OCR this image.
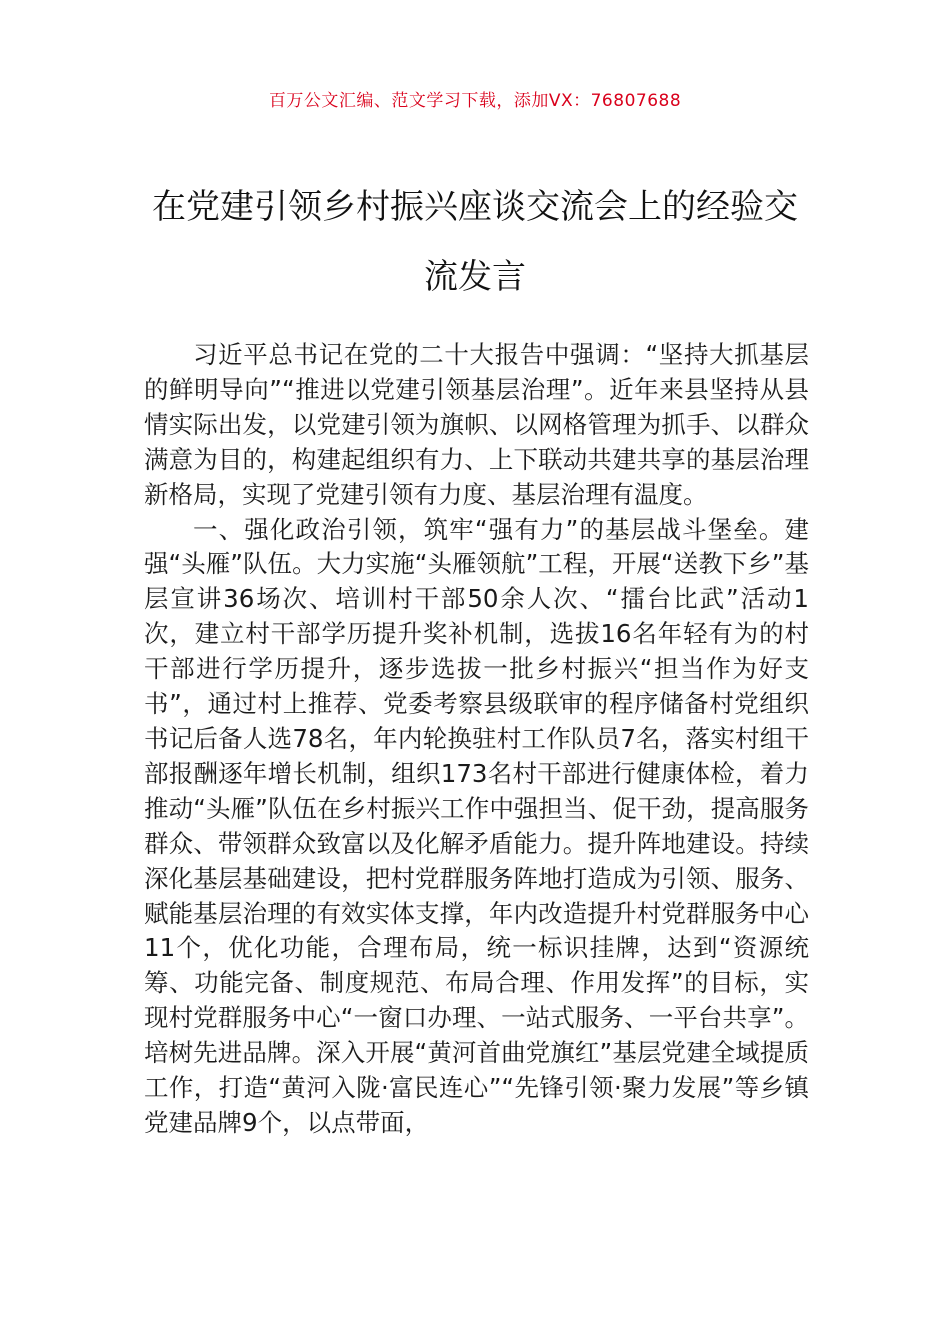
百万公文汇编、范文学习下载，添加VX：76807688
在党建引领乡村振兴座谈交流会上的经验交流发言

习近平总书记在党的二十大报告中强调：“坚持大抓基层的鲜明导向”“推进以党建引领基层治理”。近年来县坚持从县情实际出发，以党建引领为旗帜、以网格管理为抓手、以群众满意为目的，构建起组织有力、上下联动共建共享的基层治理新格局，实现了党建引领有力度、基层治理有温度。

一、强化政治引领，筑牢“强有力”的基层战斗堡垒。建强“头雁”队伍。大力实施“头雁领航”工程，开展“送教下乡”基层宣讲36场次、培训村干部50余人次、“擂台比武”活动1次，建立村干部学历提升奖补机制，选拔16名年轻有为的村干部进行学历提升，逐步选拔一批乡村振兴“担当作为好支书”，通过村上推荐、党委考察县级联审的程序储备村党组织书记后备人选78名，年内轮换驻村工作队员7名，落实村组干部报酬逐年增长机制，组织173名村干部进行健康体检，着力推动“头雁”队伍在乡村振兴工作中强担当、促干劲，提高服务群众、带领群众致富以及化解矛盾能力。提升阵地建设。持续深化基层基础建设，把村党群服务阵地打造成为引领、服务、赋能基层治理的有效实体支撑，年内改造提升村党群服务中心11个，优化功能，合理布局，统一标识挂牌，达到“资源统筹、功能完备、制度规范、布局合理、作用发挥”的目标，实现村党群服务中心“一窗口办理、一站式服务、一平台共享”。培树先进品牌。深入开展“黄河首曲党旗红”基层党建全域提质工作，打造“黄河入陇·富民连心”“先锋引领·聚力发展”等乡镇党建品牌9个，以点带面，
